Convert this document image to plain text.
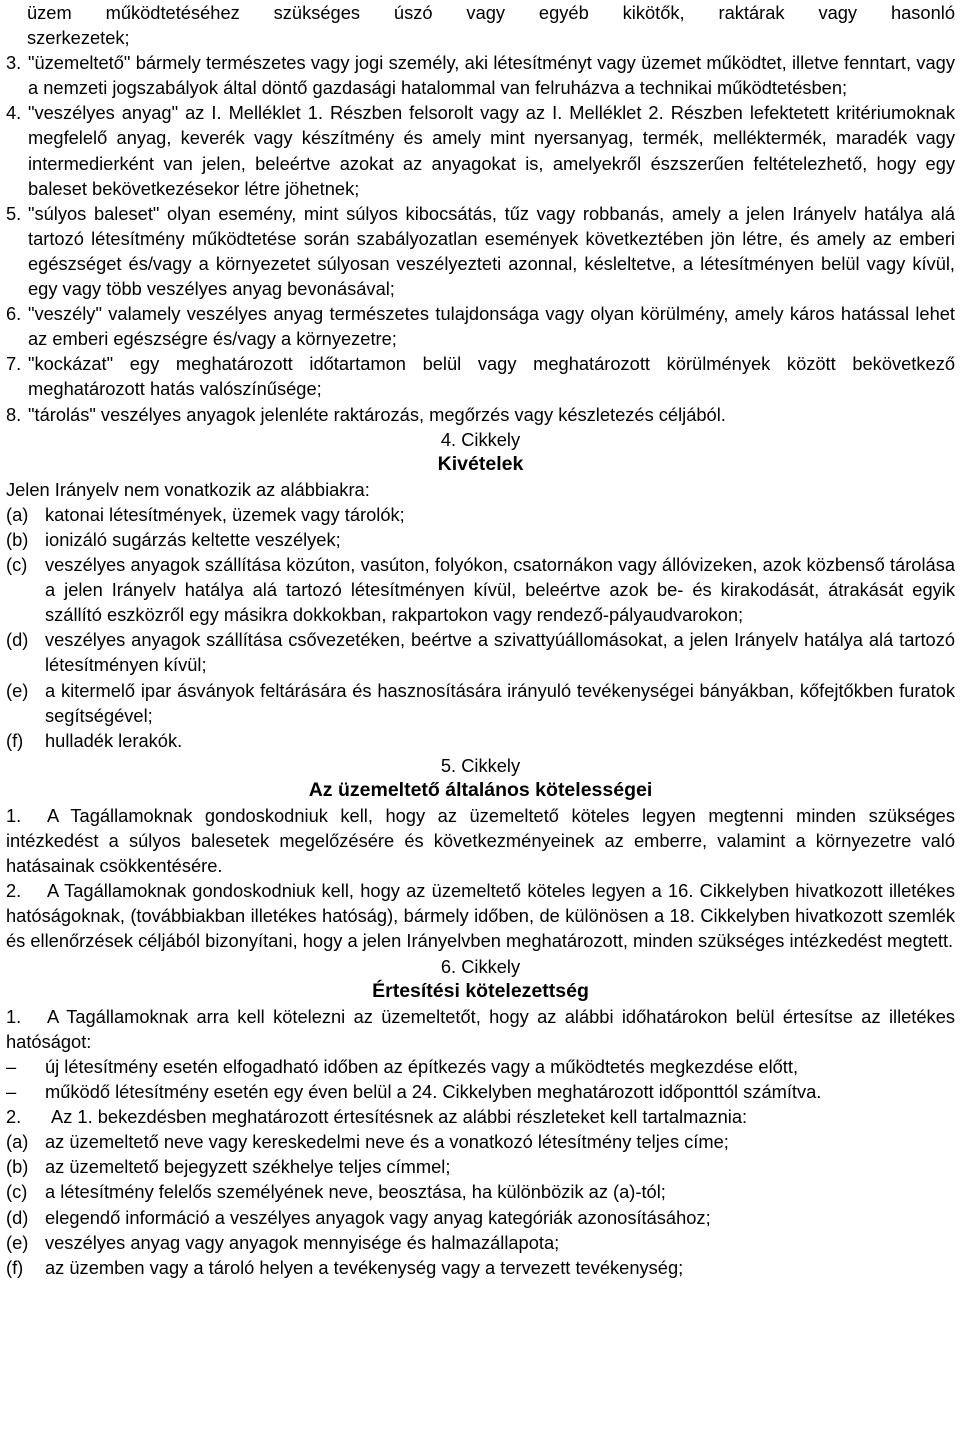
üzem működtetéséhez szükséges úszó vagy egyéb kikötők, raktárak vagy hasonló
szerkezetek;
3. "üzemeltető" bármely természetes vagy jogi személy, aki létesítményt vagy üzemet működtet, illetve fenntart, vagy a nemzeti jogszabályok által döntő gazdasági hatalommal van felruházva a technikai működtetésben;
4. "veszélyes anyag" az I. Melléklet 1. Részben felsorolt vagy az I. Melléklet 2. Részben lefektetett kritériumoknak megfelelő anyag, keverék vagy készítmény és amely mint nyersanyag, termék, melléktermék, maradék vagy intermedierként van jelen, beleértve azokat az anyagokat is, amelyekről észszerűen feltételezhető, hogy egy baleset bekövetkezésekor létre jöhetnek;
5. "súlyos baleset" olyan esemény, mint súlyos kibocsátás, tűz vagy robbanás, amely a jelen Irányelv hatálya alá tartozó létesítmény működtetése során szabályozatlan események következtében jön létre, és amely az emberi egészséget és/vagy a környezetet súlyosan veszélyezteti azonnal, késleltetve, a létesítményen belül vagy kívül, egy vagy több veszélyes anyag bevonásával;
6. "veszély" valamely veszélyes anyag természetes tulajdonsága vagy olyan körülmény, amely káros hatással lehet az emberi egészségre és/vagy a környezetre;
7. "kockázat" egy meghatározott időtartamon belül vagy meghatározott körülmények között bekövetkező meghatározott hatás valószínűsége;
8. "tárolás" veszélyes anyagok jelenléte raktározás, megőrzés vagy készletezés céljából.
4. Cikkely
Kivételek
Jelen Irányelv nem vonatkozik az alábbiakra:
(a) katonai létesítmények, üzemek vagy tárolók;
(b) ionizáló sugárzás keltette veszélyek;
(c) veszélyes anyagok szállítása közúton, vasúton, folyókon, csatornákon vagy állóvizeken, azok közbenső tárolása a jelen Irányelv hatálya alá tartozó létesítményen kívül, beleértve azok be- és kirakodását, átrakását egyik szállító eszközről egy másikra dokkokban, rakpartokon vagy rendező-pályaudvarokon;
(d) veszélyes anyagok szállítása csővezetéken, beértve a szivattyúállomásokat, a jelen Irányelv hatálya alá tartozó létesítményen kívül;
(e) a kitermelő ipar ásványok feltárására és hasznosítására irányuló tevékenységei bányákban, kőfejtőkben furatok segítségével;
(f)	hulladék lerakók.
5. Cikkely
Az üzemeltető általános kötelességei
1. A Tagállamoknak gondoskodniuk kell, hogy az üzemeltető köteles legyen megtenni minden szükséges intézkedést a súlyos balesetek megelőzésére és következményeinek az emberre, valamint a környezetre való hatásainak csökkentésére.
2. A Tagállamoknak gondoskodniuk kell, hogy az üzemeltető köteles legyen a 16. Cikkelyben hivatkozott illetékes hatóságoknak, (továbbiakban illetékes hatóság), bármely időben, de különösen a 18. Cikkelyben hivatkozott szemlék és ellenőrzések céljából bizonyítani, hogy a jelen Irányelvben meghatározott, minden szükséges intézkedést megtett.
6. Cikkely
Értesítési kötelezettség
1. A Tagállamoknak arra kell kötelezni az üzemeltetőt, hogy az alábbi időhatárokon belül értesítse az illetékes hatóságot:
–	új létesítmény esetén elfogadható időben az építkezés vagy a működtetés megkezdése előtt,
–	működő létesítmény esetén egy éven belül a 24. Cikkelyben meghatározott időponttól számítva.
2. Az 1. bekezdésben meghatározott értesítésnek az alábbi részleteket kell tartalmaznia:
(a) az üzemeltető neve vagy kereskedelmi neve és a vonatkozó létesítmény teljes címe;
(b) az üzemeltető bejegyzett székhelye teljes címmel;
(c) a létesítmény felelős személyének neve, beosztása, ha különbözik az (a)-tól;
(d) elegendő információ a veszélyes anyagok vagy anyag kategóriák azonosításához;
(e) veszélyes anyag vagy anyagok mennyisége és halmazállapota;
(f)	az üzemben vagy a tároló helyen a tevékenység vagy a tervezett tevékenység;
